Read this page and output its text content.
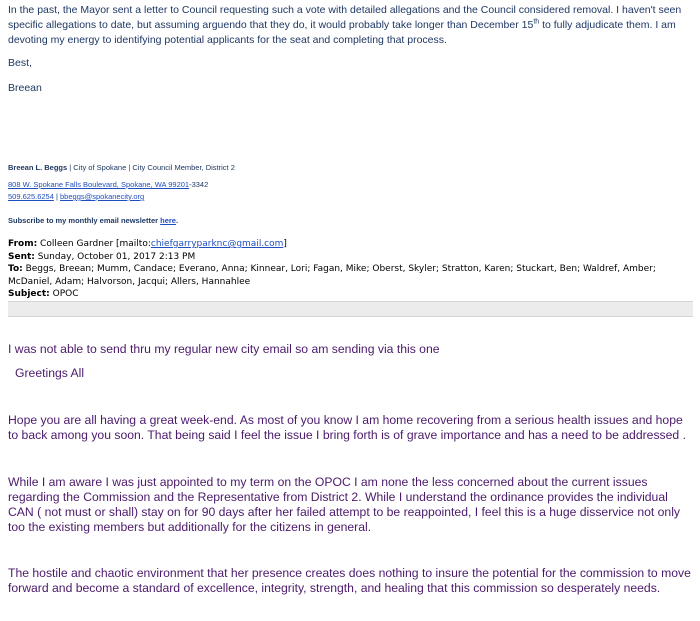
In the past, the Mayor sent a letter to Council requesting such a vote with detailed allegations and the Council considered removal. I haven't seen specific allegations to date, but assuming arguendo that they do, it would probably take longer than December 15th to fully adjudicate them. I am devoting my energy to identifying potential applicants for the seat and completing that process.
Best,
Breean
Breean L. Beggs | City of Spokane | City Council Member, District 2
808 W. Spokane Falls Boulevard, Spokane, WA 99201-3342
509.625.6254 | bbeggs@spokanecity.org
Subscribe to my monthly email newsletter here.
From: Colleen Gardner [mailto:chiefgarryparknc@gmail.com]
Sent: Sunday, October 01, 2017 2:13 PM
To: Beggs, Breean; Mumm, Candace; Everano, Anna; Kinnear, Lori; Fagan, Mike; Oberst, Skyler; Stratton, Karen; Stuckart, Ben; Waldref, Amber; McDaniel, Adam; Halvorson, Jacqui; Allers, Hannahlee
Subject: OPOC
I was not able to send thru my regular new city email so am sending via this one
Greetings All
Hope you are all having a great week-end. As most of you know I am home recovering from a serious health issues and hope to back among you soon. That being said I feel the issue I bring forth is of grave importance and has a need to be addressed .
While I am aware I was just appointed to my term on the OPOC I am none the less concerned about the current issues regarding the Commission and the Representative from District 2. While I understand the ordinance provides the individual CAN ( not must or shall) stay on for 90 days after her failed attempt to be reappointed, I feel this is a huge disservice not only too the existing members but additionally for the citizens in general.
The hostile and chaotic environment that her presence creates does nothing to insure the potential for the commission to move forward and become a standard of excellence, integrity, strength, and healing that this commission so desperately needs.
